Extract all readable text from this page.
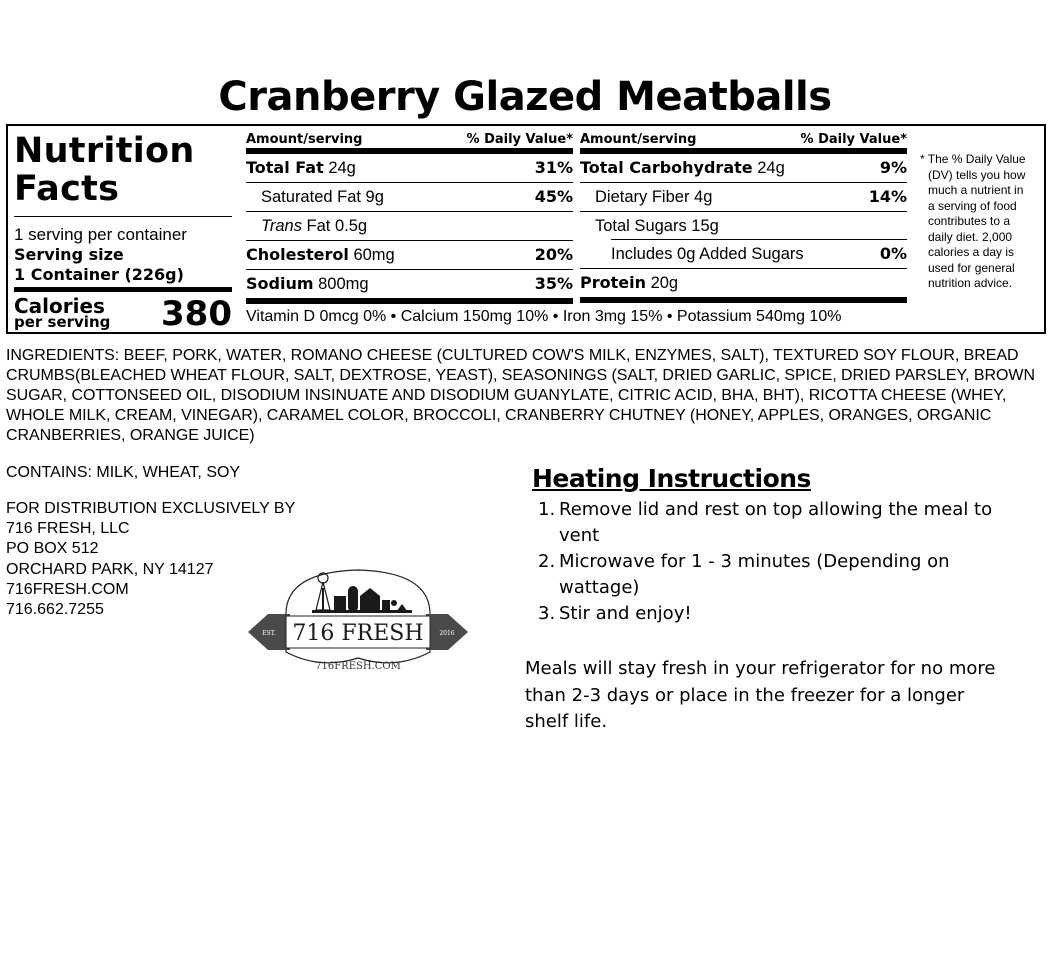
Cranberry Glazed Meatballs
Nutrition
Facts
1 serving per container
Serving size
1 Container (226g)
Calories
per serving 380
Amount/serving	% Daily Value*
Total Fat 24g	31%
Saturated Fat 9g	45%
Trans Fat 0.5g
Cholesterol 60mg	20%
Sodium 800mg	35%
Amount/serving	% Daily Value*
Total Carbohydrate 24g	9%
Dietary Fiber 4g	14%
Total Sugars 15g
Includes 0g Added Sugars	0%
Protein 20g
Vitamin D 0mcg 0% • Calcium 150mg 10% • Iron 3mg 15% • Potassium 540mg 10%
* The % Daily Value
(DV) tells you how
much a nutrient in
a serving of food
contributes to a
daily diet. 2,000
calories a day is
used for general
nutrition advice.
INGREDIENTS: BEEF, PORK, WATER, ROMANO CHEESE (CULTURED COW'S MILK, ENZYMES, SALT), TEXTURED SOY FLOUR, BREAD CRUMBS(BLEACHED WHEAT FLOUR, SALT, DEXTROSE, YEAST), SEASONINGS (SALT, DRIED GARLIC, SPICE, DRIED PARSLEY, BROWN SUGAR, COTTONSEED OIL, DISODIUM INSINUATE AND DISODIUM GUANYLATE, CITRIC ACID, BHA, BHT), RICOTTA CHEESE (WHEY, WHOLE MILK, CREAM, VINEGAR), CARAMEL COLOR, BROCCOLI, CRANBERRY CHUTNEY (HONEY, APPLES, ORANGES, ORGANIC CRANBERRIES, ORANGE JUICE)
CONTAINS: MILK, WHEAT, SOY
FOR DISTRIBUTION EXCLUSIVELY BY
716 FRESH, LLC
PO BOX 512
ORCHARD PARK, NY 14127
716FRESH.COM
716.662.7255
EST.	2016
716 FRESH
716FRESH.COM
Heating Instructions
1. Remove lid and rest on top allowing the meal to vent
2. Microwave for 1 - 3 minutes (Depending on wattage)
3. Stir and enjoy!
Meals will stay fresh in your refrigerator for no more than 2-3 days or place in the freezer for a longer shelf life.
